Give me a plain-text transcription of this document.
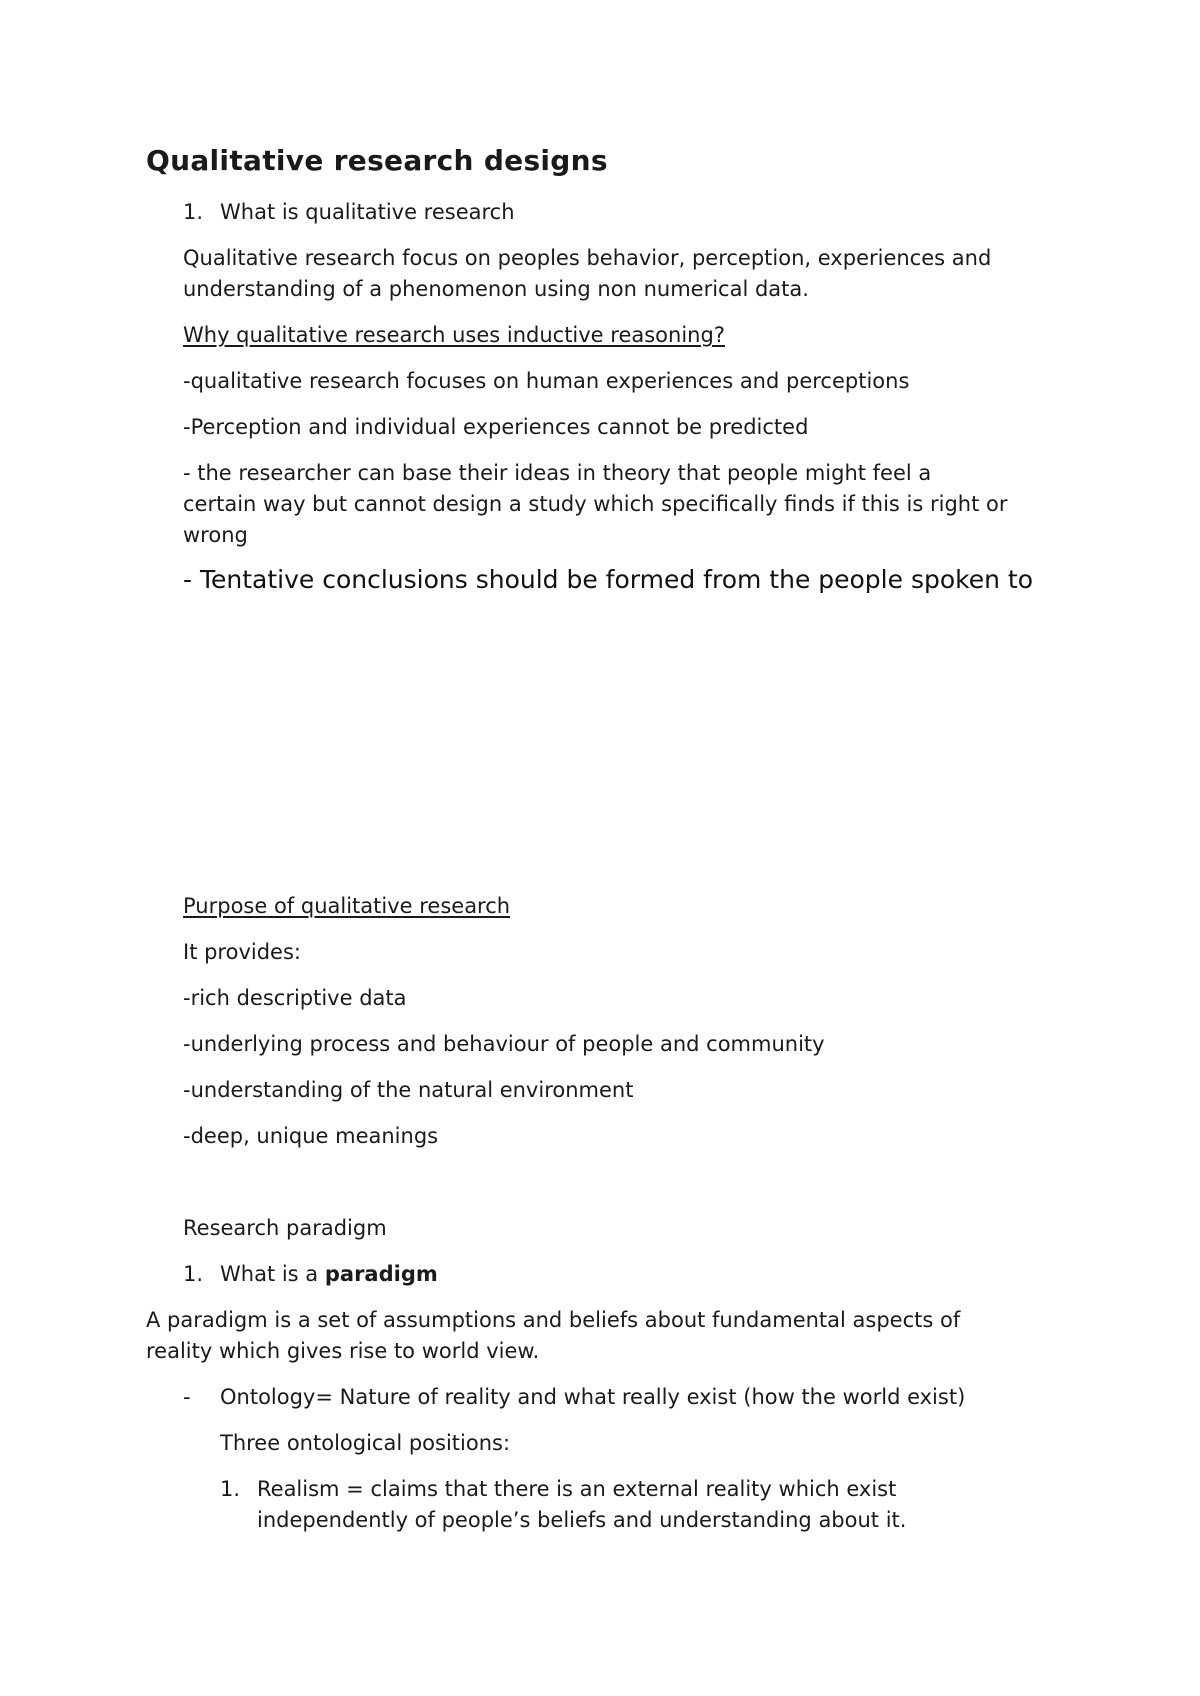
Qualitative research designs

1. What is qualitative research

Qualitative research focus on peoples behavior, perception, experiences and

understanding of a phenomenon using non numerical data.

Why qualitative research uses inductive reasoning?

-qualitative research focuses on human experiences and perceptions

-Perception and individual experiences cannot be predicted

- the researcher can base their ideas in theory that people might feel a

certain way but cannot design a study which specifically finds if this is right or

wrong

- Tentative conclusions should be formed from the people spoken to

Purpose of qualitative research

It provides:

-rich descriptive data

-underlying process and behaviour of people and community

-understanding of the natural environment

-deep, unique meanings

Research paradigm

1. What is a paradigm

A paradigm is a set of assumptions and beliefs about fundamental aspects of

reality which gives rise to world view.

- Ontology= Nature of reality and what really exist (how the world exist)

Three ontological positions:

1. Realism = claims that there is an external reality which exist

independently of people’s beliefs and understanding about it.
